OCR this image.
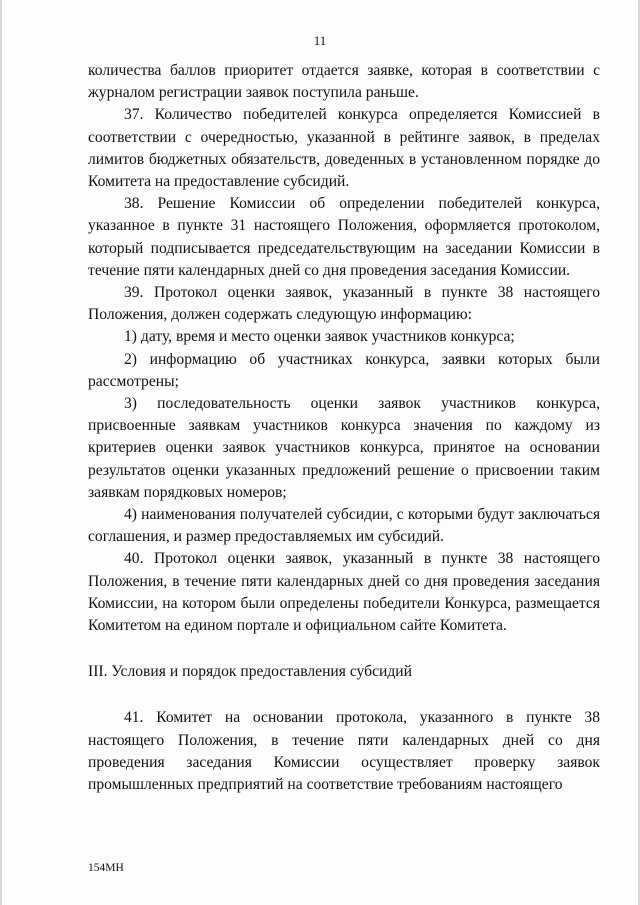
11

количества баллов приоритет отдается заявке, которая в соответствии с журналом регистрации заявок поступила раньше.

37. Количество победителей конкурса определяется Комиссией в соответствии с очередностью, указанной в рейтинге заявок, в пределах лимитов бюджетных обязательств, доведенных в установленном порядке до Комитета на предоставление субсидий.

38. Решение Комиссии об определении победителей конкурса, указанное в пункте 31 настоящего Положения, оформляется протоколом, который подписывается председательствующим на заседании Комиссии в течение пяти календарных дней со дня проведения заседания Комиссии.

39. Протокол оценки заявок, указанный в пункте 38 настоящего Положения, должен содержать следующую информацию:

1) дату, время и место оценки заявок участников конкурса;

2) информацию об участниках конкурса, заявки которых были рассмотрены;

3) последовательность оценки заявок участников конкурса, присвоенные заявкам участников конкурса значения по каждому из критериев оценки заявок участников конкурса, принятое на основании результатов оценки указанных предложений решение о присвоении таким заявкам порядковых номеров;

4) наименования получателей субсидии, с которыми будут заключаться соглашения, и размер предоставляемых им субсидий.

40. Протокол оценки заявок, указанный в пункте 38 настоящего Положения, в течение пяти календарных дней со дня проведения заседания Комиссии, на котором были определены победители Конкурса, размещается Комитетом на едином портале и официальном сайте Комитета.

III. Условия и порядок предоставления субсидий

41. Комитет на основании протокола, указанного в пункте 38 настоящего Положения, в течение пяти календарных дней со дня проведения заседания Комиссии осуществляет проверку заявок промышленных предприятий на соответствие требованиям настоящего

154МН
